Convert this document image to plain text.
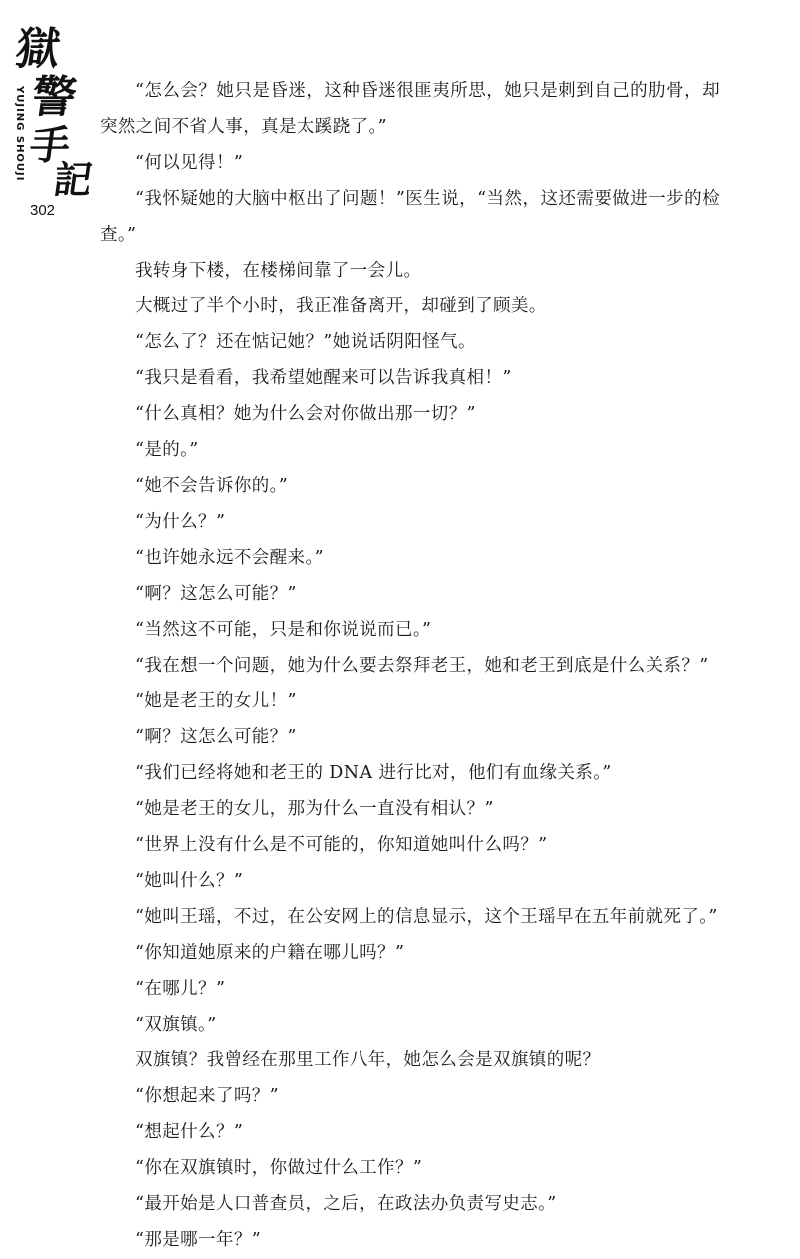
獄
警
手
記
YUJING SHOUJI
302

“怎么会？她只是昏迷，这种昏迷很匪夷所思，她只是刺到自己的肋骨，却突然之间不省人事，真是太蹊跷了。”

“何以见得！”

“我怀疑她的大脑中枢出了问题！”医生说，“当然，这还需要做进一步的检查。”

我转身下楼，在楼梯间靠了一会儿。

大概过了半个小时，我正准备离开，却碰到了顾美。

“怎么了？还在惦记她？”她说话阴阳怪气。

“我只是看看，我希望她醒来可以告诉我真相！”

“什么真相？她为什么会对你做出那一切？”

“是的。”

“她不会告诉你的。”

“为什么？”

“也许她永远不会醒来。”

“啊？这怎么可能？”

“当然这不可能，只是和你说说而已。”

“我在想一个问题，她为什么要去祭拜老王，她和老王到底是什么关系？”

“她是老王的女儿！”

“啊？这怎么可能？”

“我们已经将她和老王的 DNA 进行比对，他们有血缘关系。”

“她是老王的女儿，那为什么一直没有相认？”

“世界上没有什么是不可能的，你知道她叫什么吗？”

“她叫什么？”

“她叫王瑶，不过，在公安网上的信息显示，这个王瑶早在五年前就死了。”

“你知道她原来的户籍在哪儿吗？”

“在哪儿？”

“双旗镇。”

双旗镇？我曾经在那里工作八年，她怎么会是双旗镇的呢？

“你想起来了吗？”

“想起什么？”

“你在双旗镇时，你做过什么工作？”

“最开始是人口普查员，之后，在政法办负责写史志。”

“那是哪一年？”
